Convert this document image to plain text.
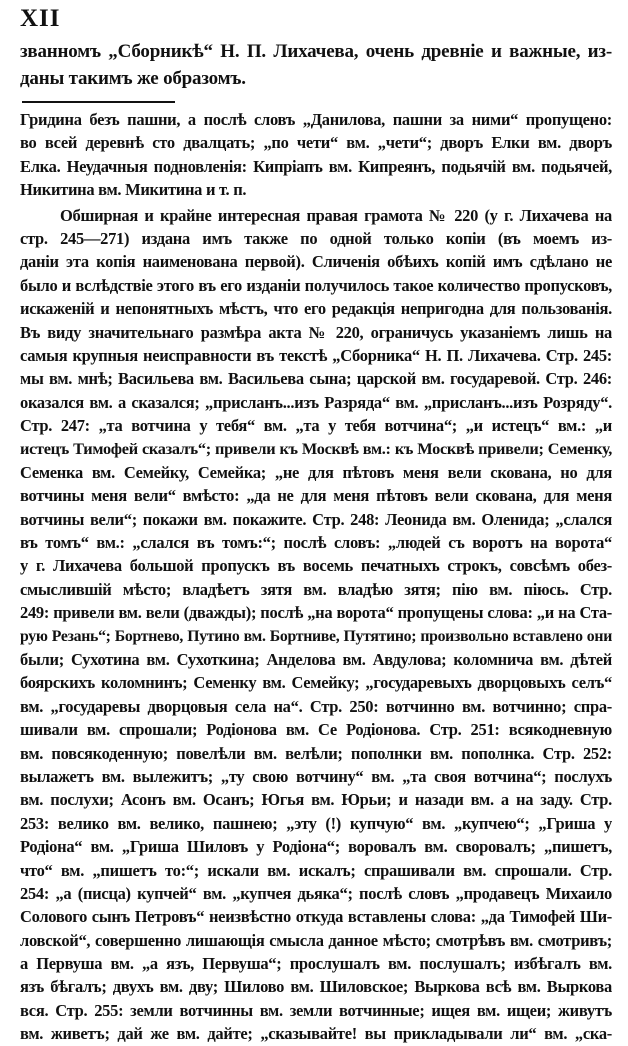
XII
званномъ „Сборникѣ“ Н. П. Лихачева, очень древніе и важные, из-
даны такимъ же образомъ.
Гридина безъ пашни, а послѣ словъ „Данилова, пашни за ними“ пропущено:
во всей деревнѣ сто двалцать; „по чети“ вм. „чети“; дворъ Елки вм. дворъ
Елка. Неудачныя подновленія: Кипріапъ вм. Кипреянъ, подьячій вм. подьячей,
Никитина вм. Микитина и т. п.
Обширная и крайне интересная правая грамота № 220 (у г. Лихачева на
стр. 245—271) издана имъ также по одной только копіи (въ моемъ из-
даніи эта копія наименована первой). Сличенія обѣихъ копій имъ сдѣлано не
было и вслѣдствіе этого въ его изданіи получилось такое количество пропусковъ,
искаженій и непонятныхъ мѣстъ, что его редакція непригодна для пользованія.
Въ виду значительнаго размѣра акта № 220, ограничусь указаніемъ лишь на
самыя крупныя неисправности въ текстѣ „Сборника“ Н. П. Лихачева. Стр. 245:
мы вм. мнѣ; Васильева вм. Васильева сына; царской вм. государевой. Стр. 246:
оказался вм. а сказался; „присланъ...изъ Разряда“ вм. „присланъ...изъ Розряду“.
Стр. 247: „та вотчина у тебя“ вм. „та у тебя вотчина“; „и истецъ“ вм.: „и
истецъ Тимофей сказалъ“; привели къ Москвѣ вм.: къ Москвѣ привели; Семенку,
Семенка вм. Семейку, Семейка; „не для пѣтовъ меня вели скована, но для
вотчины меня вели“ вмѣсто: „да не для меня пѣтовъ вели скована, для меня
вотчины вели“; покажи вм. покажите. Стр. 248: Леонида вм. Оленида; „слался
въ томъ“ вм.: „слался въ томъ:“; послѣ словъ: „людей съ воротъ на ворота“
у г. Лихачева большой пропускъ въ восемь печатныхъ строкъ, совсѣмъ обез-
смыслившій мѣсто; владѣетъ зятя вм. владѣю зятя; пiю вм. пiюсь. Стр.
249: привели вм. вели (дважды); послѣ „на ворота“ пропущены слова: „и на Ста-
рую Резань“; Бортнево, Путино вм. Бортниве, Путятино; произвольно вставлено они
были; Сухотина вм. Сухоткина; Анделова вм. Авдулова; коломнича вм. дѣтей
боярскихъ коломнинъ; Семенку вм. Семейку; „государевыхъ дворцовыхъ селъ“
вм. „государевы дворцовыя села на“. Стр. 250: вотчинно вм. вотчинно; спра-
шивали вм. спрошали; Родіонова вм. Се Родіонова. Стр. 251: всякодневную
вм. повсякоденную; повелѣли вм. велѣли; пополнки вм. пополнка. Стр. 252:
вылажетъ вм. вылежитъ; „ту свою вотчину“ вм. „та своя вотчина“; послухъ
вм. послухи; Асонъ вм. Осанъ; Югья вм. Юрьи; и назади вм. а на заду. Стр.
253: велико вм. велико, пашнею; „эту (!) купчую“ вм. „купчею“; „Гриша у
Родіона“ вм. „Гриша Шиловъ у Родіона“; воровалъ вм. своровалъ; „пишетъ,
что“ вм. „пишетъ то:“; искали вм. искалъ; спрашивали вм. спрошали. Стр.
254: „а (писца) купчей“ вм. „купчея дьяка“; послѣ словъ „продавецъ Михаило
Солового сынъ Петровъ“ неизвѣстно откуда вставлены слова: „да Тимофей Ши-
ловской“, совершенно лишающія смысла данное мѣсто; смотрѣвъ вм. смотривъ;
а Первуша вм. „а язъ, Первуша“; прослушалъ вм. послушалъ; избѣгалъ вм.
язъ бѣгалъ; двухъ вм. дву; Шилово вм. Шиловское; Выркова всѣ вм. Выркова
вся. Стр. 255: земли вотчинны вм. земли вотчинные; ищея вм. ищеи; живутъ
вм. живетъ; дай же вм. дайте; „сказывайте! вы прикладывали ли“ вм. „ска-
